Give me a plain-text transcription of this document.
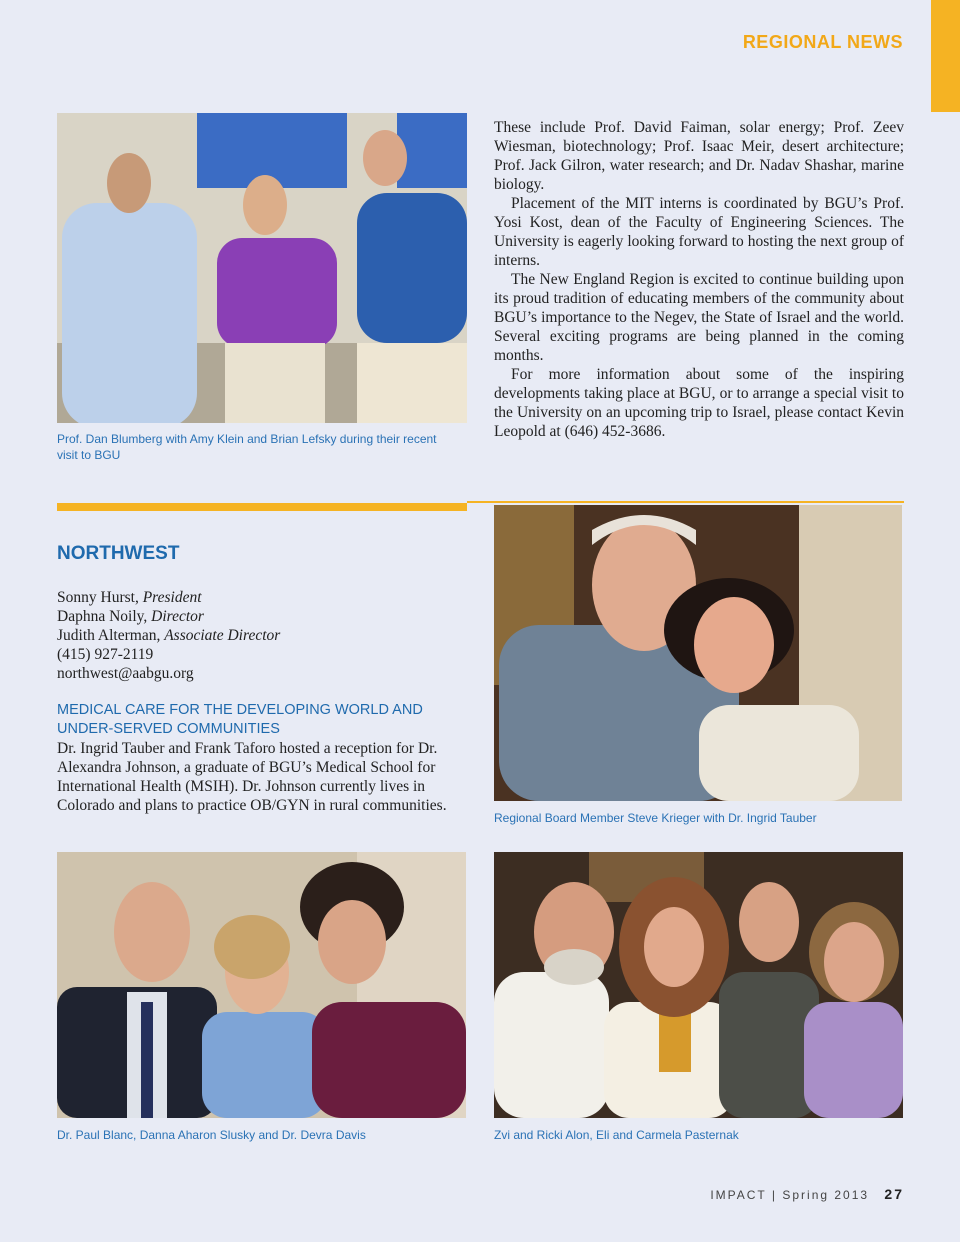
REGIONAL NEWS
Prof. Dan Blumberg with Amy Klein and Brian Lefsky during their recent visit to BGU

These include Prof. David Faiman, solar energy; Prof. Zeev Wiesman, biotechnology; Prof. Isaac Meir, desert architecture; Prof. Jack Gilron, water research; and Dr. Nadav Shashar, marine biology.

Placement of the MIT interns is coordinated by BGU’s Prof. Yosi Kost, dean of the Faculty of Engineering Sciences. The University is eagerly looking forward to hosting the next group of interns.

The New England Region is excited to continue building upon its proud tradition of educating members of the community about BGU’s importance to the Negev, the State of Israel and the world. Several exciting programs are being planned in the coming months.

For more information about some of the inspiring developments taking place at BGU, or to arrange a special visit to the University on an upcoming trip to Israel, please contact Kevin Leopold at (646) 452-3686.

NORTHWEST
Sonny Hurst, President
Daphna Noily, Director
Judith Alterman, Associate Director
(415) 927-2119
northwest@aabgu.org
MEDICAL CARE FOR THE DEVELOPING WORLD AND
UNDER-SERVED COMMUNITIES

Dr. Ingrid Tauber and Frank Taforo hosted a reception for Dr. Alexandra Johnson, a graduate of BGU’s Medical School for International Health (MSIH). Dr. Johnson currently lives in Colorado and plans to practice OB/GYN in rural communities.

Regional Board Member Steve Krieger with Dr. Ingrid Tauber
Dr. Paul Blanc, Danna Aharon Slusky and Dr. Devra Davis	Zvi and Ricki Alon, Eli and Carmela Pasternak
IMPACT | Spring 2013 27
